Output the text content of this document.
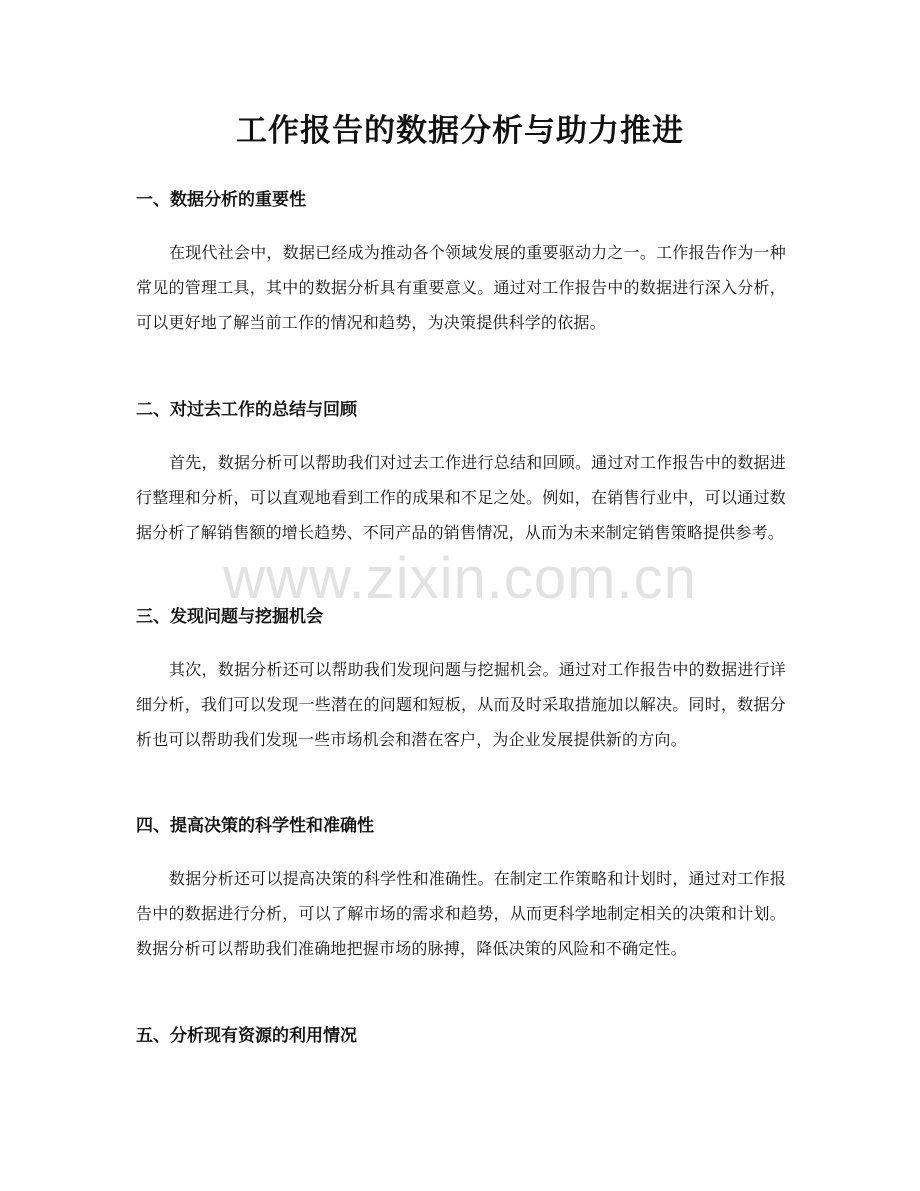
工作报告的数据分析与助力推进
一、数据分析的重要性

在现代社会中，数据已经成为推动各个领域发展的重要驱动力之一。工作报告作为一种常见的管理工具，其中的数据分析具有重要意义。通过对工作报告中的数据进行深入分析，可以更好地了解当前工作的情况和趋势，为决策提供科学的依据。

二、对过去工作的总结与回顾

首先，数据分析可以帮助我们对过去工作进行总结和回顾。通过对工作报告中的数据进行整理和分析，可以直观地看到工作的成果和不足之处。例如，在销售行业中，可以通过数据分析了解销售额的增长趋势、不同产品的销售情况，从而为未来制定销售策略提供参考。

三、发现问题与挖掘机会

其次，数据分析还可以帮助我们发现问题与挖掘机会。通过对工作报告中的数据进行详细分析，我们可以发现一些潜在的问题和短板，从而及时采取措施加以解决。同时，数据分析也可以帮助我们发现一些市场机会和潜在客户，为企业发展提供新的方向。

四、提高决策的科学性和准确性

数据分析还可以提高决策的科学性和准确性。在制定工作策略和计划时，通过对工作报告中的数据进行分析，可以了解市场的需求和趋势，从而更科学地制定相关的决策和计划。数据分析可以帮助我们准确地把握市场的脉搏，降低决策的风险和不确定性。

五、分析现有资源的利用情况
www.zixin.com.cn
